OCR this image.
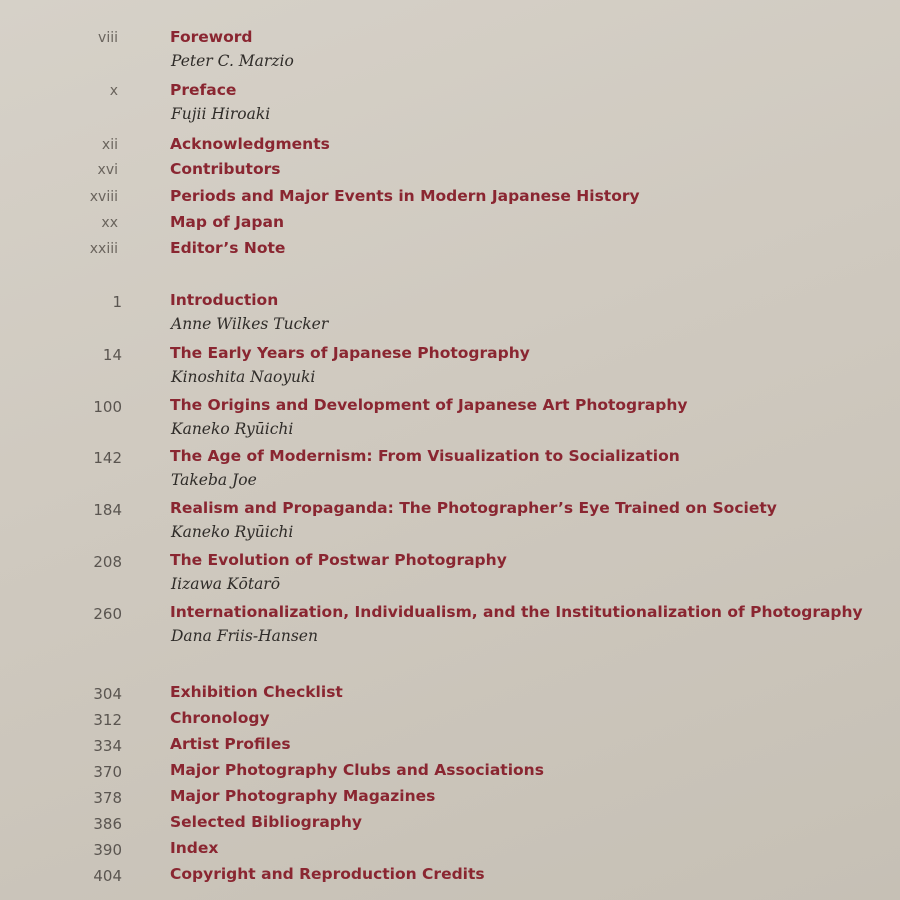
viii	Foreword
Peter C. Marzio
x	Preface
Fujii Hiroaki
xii	Acknowledgments
xvi	Contributors
xviii	Periods and Major Events in Modern Japanese History
xx	Map of Japan
xxiii	Editor’s Note
1	Introduction
Anne Wilkes Tucker
14	The Early Years of Japanese Photography
Kinoshita Naoyuki
100	The Origins and Development of Japanese Art Photography
Kaneko Ryūichi
142	The Age of Modernism: From Visualization to Socialization
Takeba Joe
184	Realism and Propaganda: The Photographer’s Eye Trained on Society
Kaneko Ryūichi
208	The Evolution of Postwar Photography
Iizawa Kōtarō
260	Internationalization, Individualism, and the Institutionalization of Photography
Dana Friis-Hansen
304	Exhibition Checklist
312	Chronology
334	Artist Profiles
370	Major Photography Clubs and Associations
378	Major Photography Magazines
386	Selected Bibliography
390	Index
404	Copyright and Reproduction Credits
